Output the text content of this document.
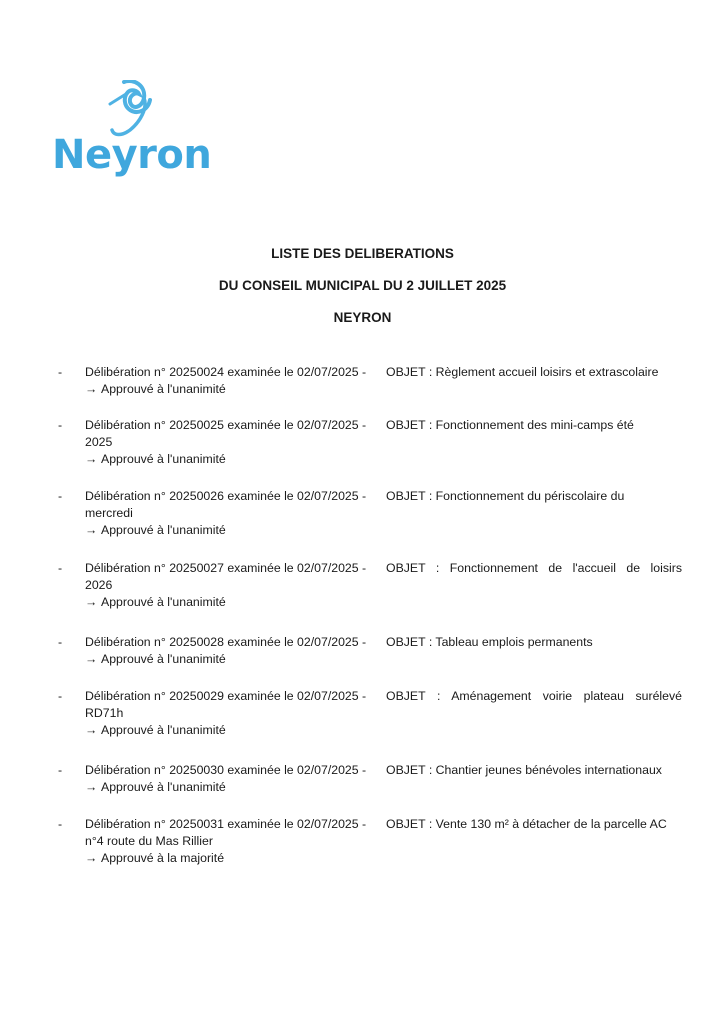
Neyron
LISTE DES DELIBERATIONS
DU CONSEIL MUNICIPAL DU 2 JUILLET 2025
NEYRON
- Délibération n° 20250024 examinée le 02/07/2025 -
→ Approuvé à l'unanimité
OBJET : Règlement accueil loisirs et extrascolaire
- Délibération n° 20250025 examinée le 02/07/2025 - 2025
→ Approuvé à l'unanimité
OBJET : Fonctionnement des mini-camps été
- Délibération n° 20250026 examinée le 02/07/2025 - mercredi
→ Approuvé à l'unanimité
OBJET : Fonctionnement du périscolaire du
- Délibération n° 20250027 examinée le 02/07/2025 - 2026
→ Approuvé à l'unanimité
OBJET : Fonctionnement de l'accueil de loisirs
- Délibération n° 20250028 examinée le 02/07/2025 -
→ Approuvé à l'unanimité
OBJET : Tableau emplois permanents
- Délibération n° 20250029 examinée le 02/07/2025 - RD71h
→ Approuvé à l'unanimité
OBJET : Aménagement voirie plateau surélevé
- Délibération n° 20250030 examinée le 02/07/2025 -
→ Approuvé à l'unanimité
OBJET : Chantier jeunes bénévoles internationaux
- Délibération n° 20250031 examinée le 02/07/2025 - n°4 route du Mas Rillier
→ Approuvé à la majorité
OBJET : Vente 130 m² à détacher de la parcelle AC
